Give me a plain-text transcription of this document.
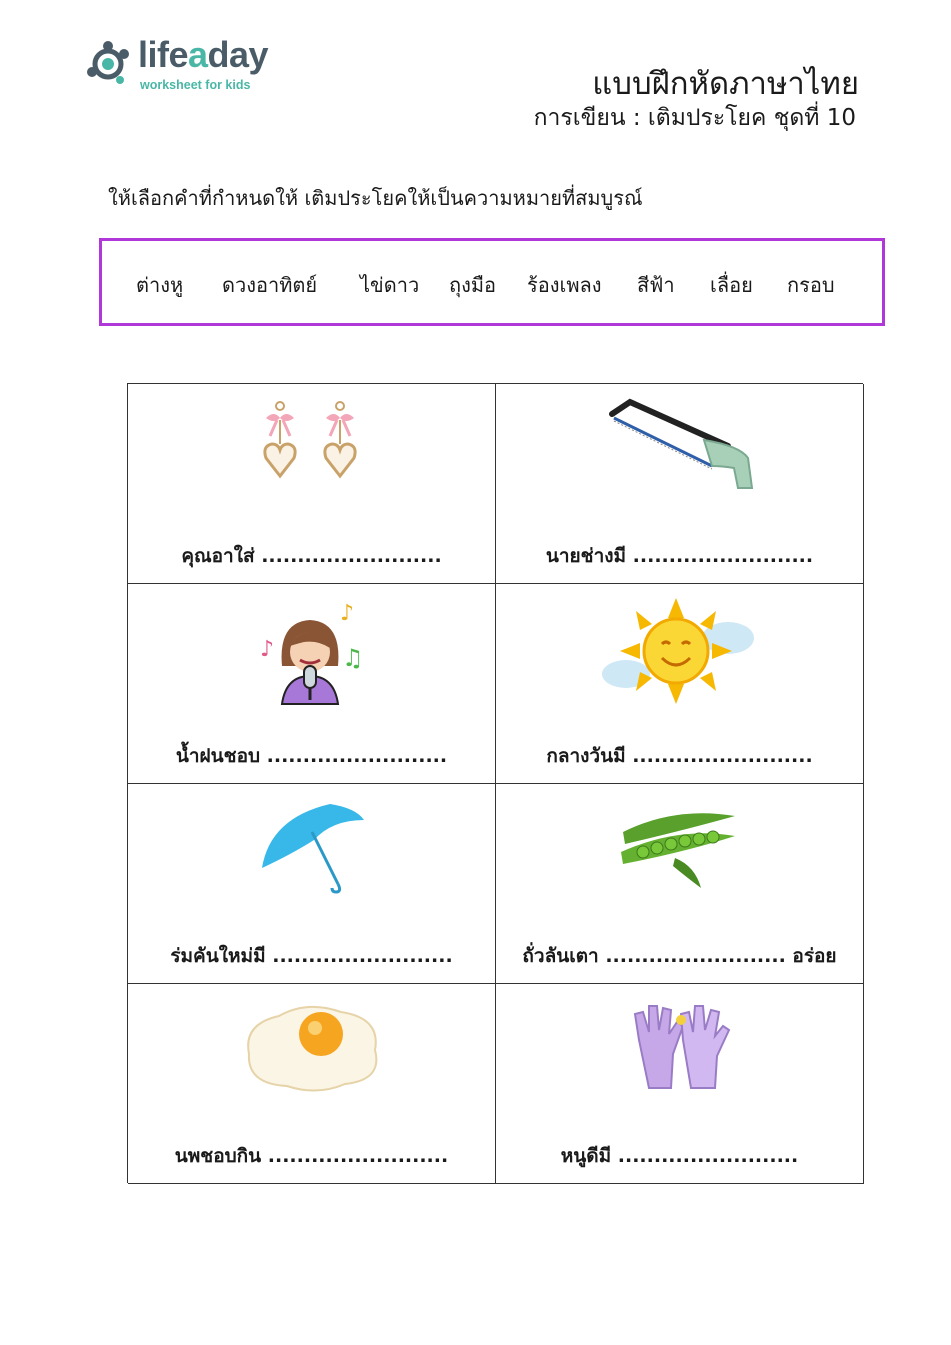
lifeaday
worksheet for kids	แบบฝึกหัดภาษาไทย
การเขียน : เติมประโยค ชุดที่ 10
ให้เลือกคำที่กำหนดให้ เติมประโยคให้เป็นความหมายที่สมบูรณ์
ต่างหู ดวงอาทิตย์ ไข่ดาว ถุงมือ ร้องเพลง สีฟ้า เลื่อย กรอบ
คุณอาใส่ .........................	นายช่างมี .........................
♪
♪
♫
น้ำฝนชอบ .........................	กลางวันมี .........................
ร่มคันใหม่มี .........................	ถั่วลันเตา ......................... อร่อย
นพชอบกิน .........................	หนูดีมี .........................
